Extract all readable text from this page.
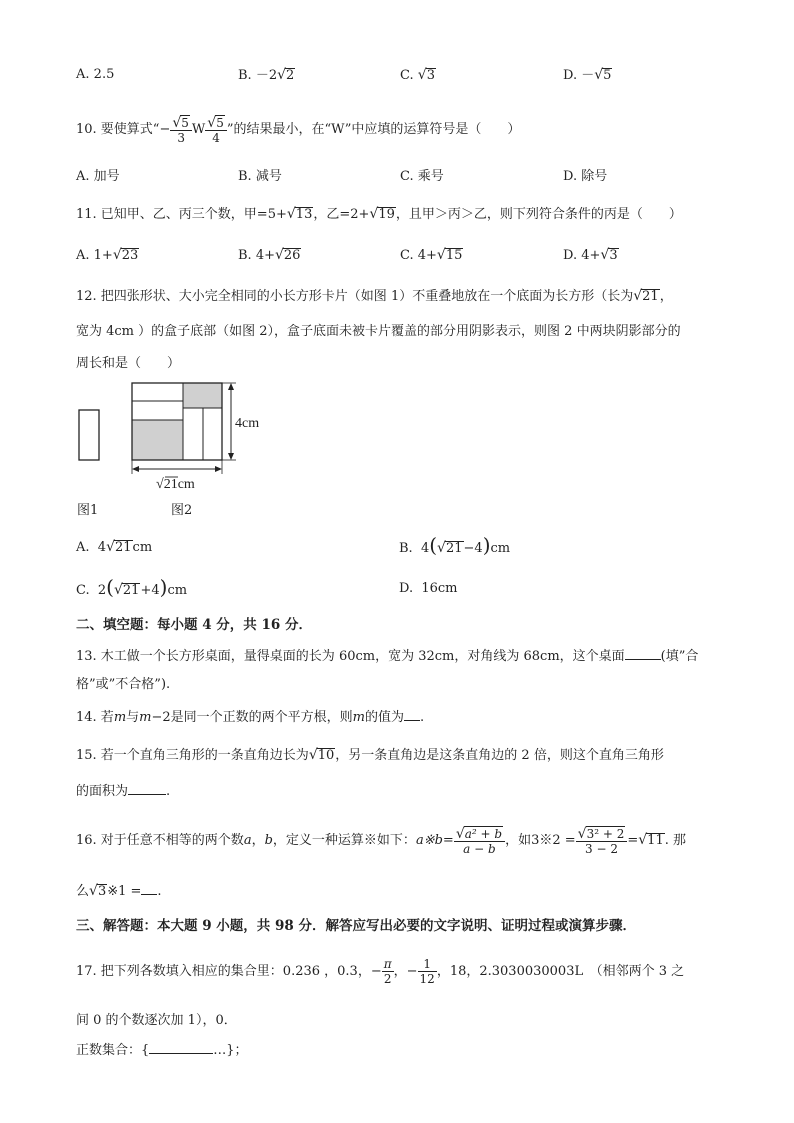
A. 2.5	B. －2√2	C. √3	D. －√5
10. 要使算式“− $\frac{√5}{3}$ W $\frac{√5}{4}$ ”的结果最小，在“W”中应填的运算符号是（　　）
A. 加号	B. 减号	C. 乘号	D. 除号
11. 已知甲、乙、丙三个数，甲=5+√13，乙=2+√19，且甲＞丙＞乙，则下列符合条件的丙是（　　）
A. 1+√23	B. 4+√26	C. 4+√15	D. 4+√3
12. 把四张形状、大小完全相同的小长方形卡片（如图 1）不重叠地放在一个底面为长方形（长为√21，
宽为 4cm ）的盒子底部（如图 2），盒子底面未被卡片覆盖的部分用阴影表示，则图 2 中两块阴影部分的
周长和是（　　）
4cm
√21cm
图1	图2
A. 4√21cm	B. 4(√21−4)cm
C. 2(√21+4)cm	D. 16cm
二、填空题：每小题 4 分，共 16 分．
13. 木工做一个长方形桌面，量得桌面的长为 60cm，宽为 32cm，对角线为 68cm，这个桌面	(填”合
格”或”不合格”).
14. 若m与m−2是同一个正数的两个平方根，则m的值为 .
15. 若一个直角三角形的一条直角边长为√10，另一条直角边是这条直角边的 2 倍，则这个直角三角形
的面积为	.
16. 对于任意不相等的两个数a，b，定义一种运算※如下：a※b= $\frac{\text{√a² + b}}{a - b}$ ，如3※2 = $\frac{\text{√3² + 2}}{3 - 2} =√11$. 那
么√3※1 = .
三、解答题：本大题 9 小题，共 98 分．解答应写出必要的文字说明、证明过程或演算步骤．
17. 把下列各数填入相应的集合里：0.236 ，0.3，− $\frac{\pi}{2}$ ，− $\frac{1}{12}$ ，18，2.3030030003L　（相邻两个 3 之
间 0 的个数逐次加 1），0．
正数集合：{	…}；
